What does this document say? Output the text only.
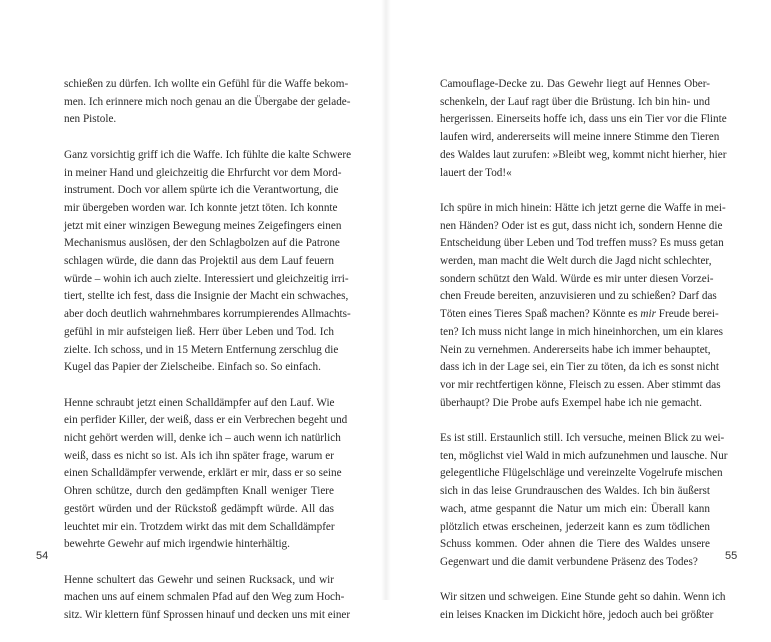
schießen zu dürfen. Ich wollte ein Gefühl für die Waffe bekom-
men. Ich erinnere mich noch genau an die Übergabe der gelade-
nen Pistole.
Ganz vorsichtig griff ich die Waffe. Ich fühlte die kalte Schwere
in meiner Hand und gleichzeitig die Ehrfurcht vor dem Mord-
instrument. Doch vor allem spürte ich die Verantwortung, die
mir übergeben worden war. Ich konnte jetzt töten. Ich konnte
jetzt mit einer winzigen Bewegung meines Zeigefingers einen
Mechanismus auslösen, der den Schlagbolzen auf die Patrone
schlagen würde, die dann das Projektil aus dem Lauf feuern
würde – wohin ich auch zielte. Interessiert und gleichzeitig irri-
tiert, stellte ich fest, dass die Insignie der Macht ein schwaches,
aber doch deutlich wahrnehmbares korrumpierendes Allmachts-
gefühl in mir aufsteigen ließ. Herr über Leben und Tod. Ich
zielte. Ich schoss, und in 15 Metern Entfernung zerschlug die
Kugel das Papier der Zielscheibe. Einfach so. So einfach.
Henne schraubt jetzt einen Schalldämpfer auf den Lauf. Wie
ein perfider Killer, der weiß, dass er ein Verbrechen begeht und
nicht gehört werden will, denke ich – auch wenn ich natürlich
weiß, dass es nicht so ist. Als ich ihn später frage, warum er
einen Schalldämpfer verwende, erklärt er mir, dass er so seine
Ohren schütze, durch den gedämpften Knall weniger Tiere
gestört würden und der Rückstoß gedämpft würde. All das
leuchtet mir ein. Trotzdem wirkt das mit dem Schalldämpfer
bewehrte Gewehr auf mich irgendwie hinterhältig.
Henne schultert das Gewehr und seinen Rucksack, und wir
machen uns auf einem schmalen Pfad auf den Weg zum Hoch-
sitz. Wir klettern fünf Sprossen hinauf und decken uns mit einer
54
Camouflage-Decke zu. Das Gewehr liegt auf Hennes Ober-
schenkeln, der Lauf ragt über die Brüstung. Ich bin hin- und
hergerissen. Einerseits hoffe ich, dass uns ein Tier vor die Flinte
laufen wird, andererseits will meine innere Stimme den Tieren
des Waldes laut zurufen: »Bleibt weg, kommt nicht hierher, hier
lauert der Tod!«
Ich spüre in mich hinein: Hätte ich jetzt gerne die Waffe in mei-
nen Händen? Oder ist es gut, dass nicht ich, sondern Henne die
Entscheidung über Leben und Tod treffen muss? Es muss getan
werden, man macht die Welt durch die Jagd nicht schlechter,
sondern schützt den Wald. Würde es mir unter diesen Vorzei-
chen Freude bereiten, anzuvisieren und zu schießen? Darf das
Töten eines Tieres Spaß machen? Könnte es mir Freude berei-
ten? Ich muss nicht lange in mich hineinhorchen, um ein klares
Nein zu vernehmen. Andererseits habe ich immer behauptet,
dass ich in der Lage sei, ein Tier zu töten, da ich es sonst nicht
vor mir rechtfertigen könne, Fleisch zu essen. Aber stimmt das
überhaupt? Die Probe aufs Exempel habe ich nie gemacht.
Es ist still. Erstaunlich still. Ich versuche, meinen Blick zu wei-
ten, möglichst viel Wald in mich aufzunehmen und lausche. Nur
gelegentliche Flügelschläge und vereinzelte Vogelrufe mischen
sich in das leise Grundrauschen des Waldes. Ich bin äußerst
wach, atme gespannt die Natur um mich ein: Überall kann
plötzlich etwas erscheinen, jederzeit kann es zum tödlichen
Schuss kommen. Oder ahnen die Tiere des Waldes unsere
Gegenwart und die damit verbundene Präsenz des Todes?
Wir sitzen und schweigen. Eine Stunde geht so dahin. Wenn ich
ein leises Knacken im Dickicht höre, jedoch auch bei größter
55
